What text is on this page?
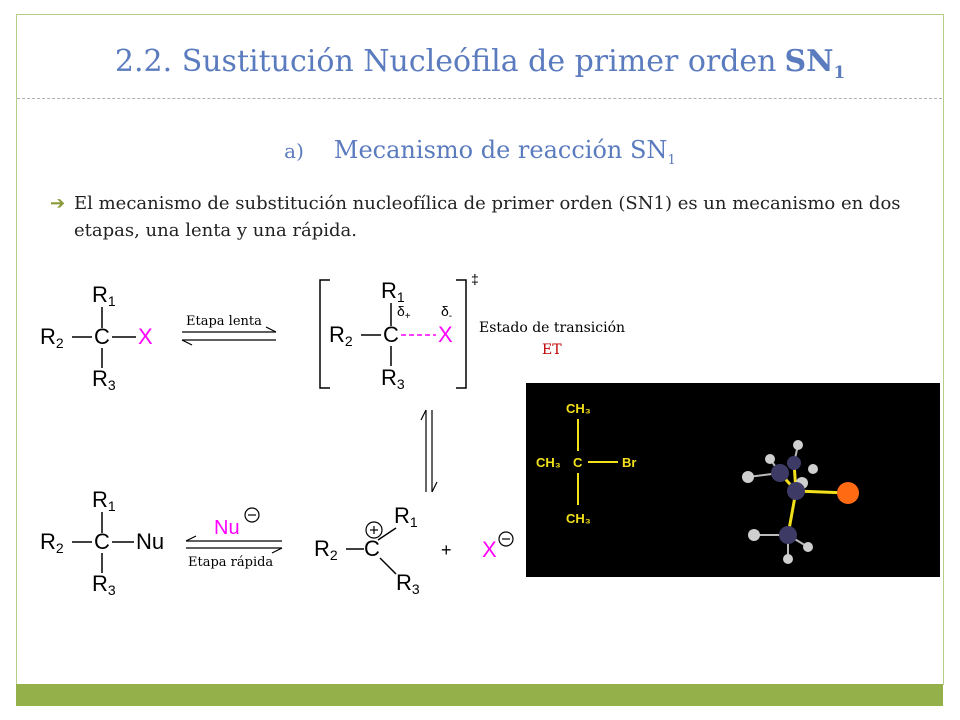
2.2. Sustitución Nucleófila de primer orden $SN_1$
a) Mecanismo de reacción $SN_1$
➔ El mecanismo de substitución nucleofílica de primer orden (SN1) es un mecanismo en dos etapas, una lenta y una rápida.
R1
R2 C X
R3
Etapa lenta
‡
R1
$\delta_+$ $\delta_-$
R2 C X
R3
Estado de transición
ET
R1
R2 C Nu
R3
Nu
Etapa rápida
R1
R2 C
R3
+ X
CH₃
CH₃ C	Br
CH₃
